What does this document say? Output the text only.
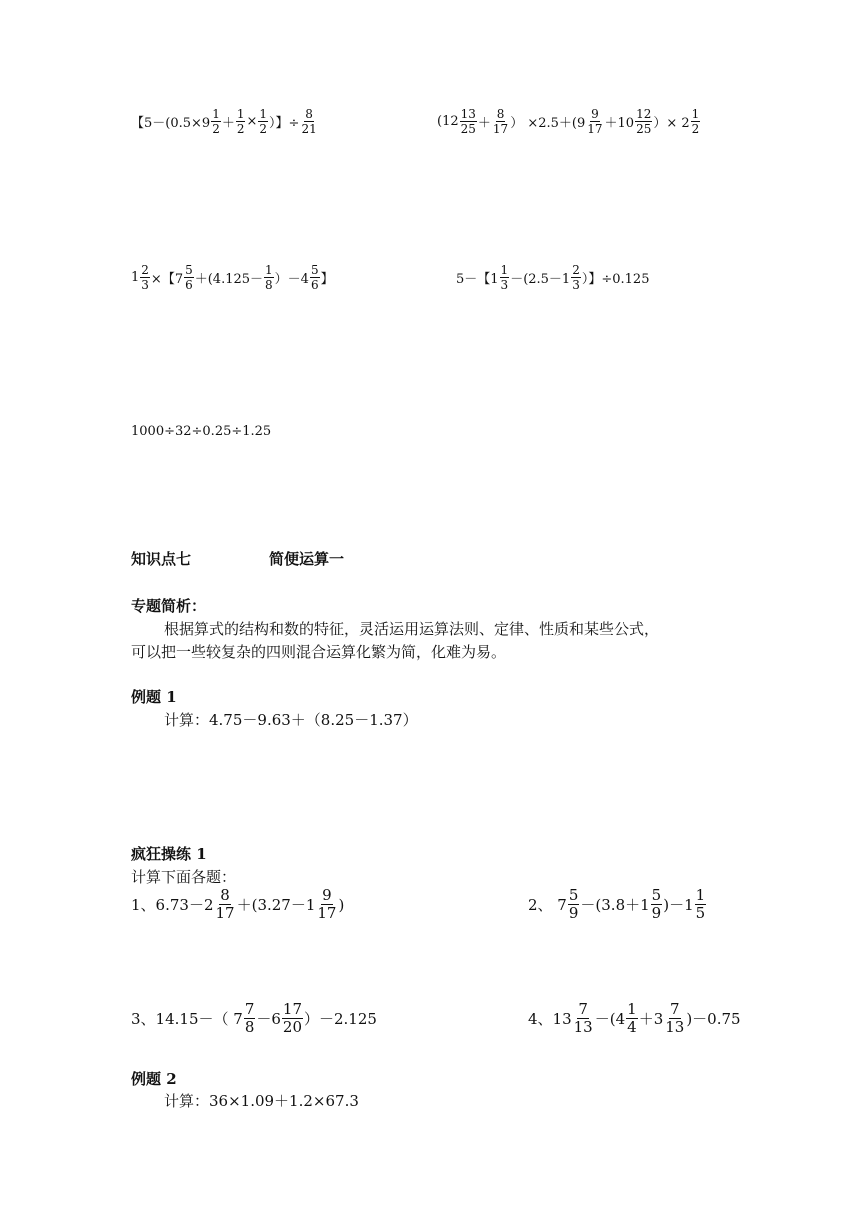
【$5-(0.5\times 9 \frac{1}{2} + \frac{1}{2} \times \frac{1}{2}$ ）】÷ $\frac{8}{21}$	($12 \frac{13}{25} + \frac{8}{17}$ ） $\times 2.5+(9 \frac{9}{17} +10 \frac{12}{25}$ ）× $2 \frac{1}{2}$
$1 \frac{2}{3}$ ×【$7 \frac{5}{6} +(4.125- \frac{1}{8} )-4 \frac{5}{6}$ 】	5－【$1 \frac{1}{3} -(2.5-1 \frac{2}{3}$ ）】÷0.125
1000÷32÷0.25÷1.25
知识点七	简便运算一
专题简析：
根据算式的结构和数的特征，灵活运用运算法则、定律、性质和某些公式，
可以把一些较复杂的四则混合运算化繁为简，化难为易。
例题 1
计算：4.75－9.63＋（8.25－1.37）
疯狂操练 1
计算下面各题：
1、$6.73-2 \frac{8}{17} +(3.27-1 \frac{9}{17}$ )	2、 $7 \frac{5}{9} -(3.8+1 \frac{5}{9} )-1 \frac{1}{5}$
3、14.15－（ $7 \frac{7}{8} -6 \frac{17}{20} )-2.125$	4、$13 \frac{7}{13} -(4 \frac{1}{4} +3 \frac{7}{13} )-0.75$
例题 2
计算：36×1.09＋1.2×67.3
